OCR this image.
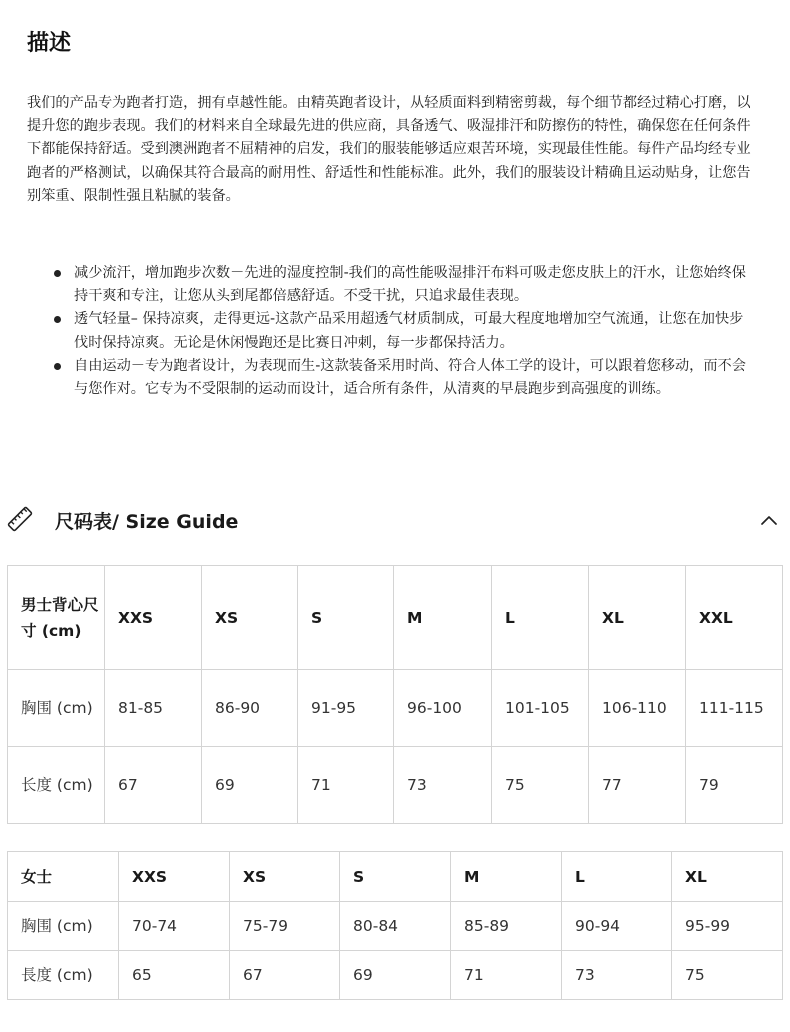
描述

我们的产品专为跑者打造，拥有卓越性能。由精英跑者设计，从轻质面料到精密剪裁，每个细节都经过精心打磨，以提升您的跑步表现。我们的材料来自全球最先进的供应商，具备透气、吸湿排汗和防擦伤的特性，确保您在任何条件下都能保持舒适。受到澳洲跑者不屈精神的启发，我们的服装能够适应艰苦环境，实现最佳性能。每件产品均经专业跑者的严格测试，以确保其符合最高的耐用性、舒适性和性能标准。此外，我们的服装设计精确且运动贴身，让您告别笨重、限制性强且粘腻的装备。

减少流汗，增加跑步次数－先进的湿度控制-我们的高性能吸湿排汗布料可吸走您皮肤上的汗水，让您始终保持干爽和专注，让您从头到尾都倍感舒适。不受干扰，只追求最佳表现。
透气轻量– 保持凉爽，走得更远-这款产品采用超透气材质制成，可最大程度地增加空气流通，让您在加快步伐时保持凉爽。无论是休闲慢跑还是比赛日冲刺，每一步都保持活力。
自由运动－专为跑者设计，为表现而生-这款装备采用时尚、符合人体工学的设计，可以跟着您移动，而不会与您作对。它专为不受限制的运动而设计，适合所有条件，从清爽的早晨跑步到高强度的训练。
尺码表/ Size Guide
男士背心尺寸 (cm)	XXS	XS	S	M	L	XL	XXL
胸围 (cm)	81-85	86-90	91-95	96-100	101-105	106-110	111-115
长度 (cm)	67	69	71	73	75	77	79
女士	XXS	XS	S	M	L	XL
胸围 (cm)	70-74	75-79	80-84	85-89	90-94	95-99
長度 (cm)	65	67	69	71	73	75
